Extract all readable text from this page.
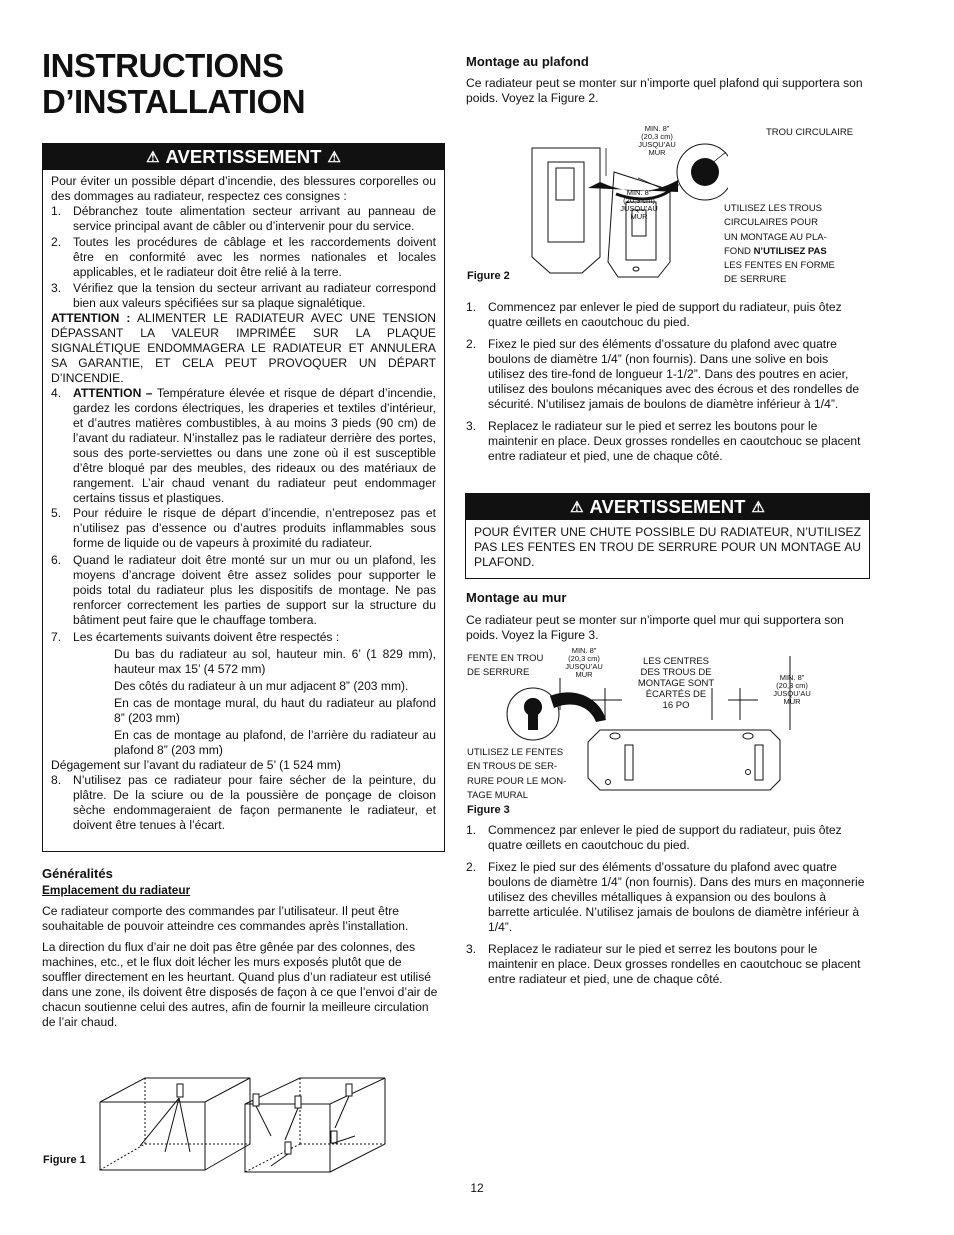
INSTRUCTIONS
D’INSTALLATION
⚠ AVERTISSEMENT ⚠

Pour éviter un possible départ d’incendie, des blessures corporelles ou des dommages au radiateur, respectez ces consignes :

1. Débranchez toute alimentation secteur arrivant au panneau de service principal avant de câbler ou d’intervenir pour du service.
2. Toutes les procédures de câblage et les raccordements doivent être en conformité avec les normes nationales et locales applicables, et le radiateur doit être relié à la terre.
3. Vérifiez que la tension du secteur arrivant au radiateur correspond bien aux valeurs spécifiées sur sa plaque signalétique.

ATTENTION : ALIMENTER LE RADIATEUR AVEC UNE TENSION DÉPASSANT LA VALEUR IMPRIMÉE SUR LA PLAQUE SIGNALÉTIQUE ENDOMMAGERA LE RADIATEUR ET ANNULERA SA GARANTIE, ET CELA PEUT PROVOQUER UN DÉPART D’INCENDIE.

4. ATTENTION – Température élevée et risque de départ d’incendie, gardez les cordons électriques, les draperies et textiles d’intérieur, et d’autres matières combustibles, à au moins 3 pieds (90 cm) de l’avant du radiateur. N’installez pas le radiateur derrière des portes, sous des porte-serviettes ou dans une zone où il est susceptible d’être bloqué par des meubles, des rideaux ou des matériaux de rangement. L’air chaud venant du radiateur peut endommager certains tissus et plastiques.
5. Pour réduire le risque de départ d’incendie, n’entreposez pas et n’utilisez pas d’essence ou d’autres produits inflammables sous forme de liquide ou de vapeurs à proximité du radiateur.
6. Quand le radiateur doit être monté sur un mur ou un plafond, les moyens d’ancrage doivent être assez solides pour supporter le poids total du radiateur plus les dispositifs de montage. Ne pas renforcer correctement les parties de support sur la structure du bâtiment peut faire que le chauffage tombera.
7. Les écartements suivants doivent être respectés :
Du bas du radiateur au sol, hauteur min. 6’ (1 829 mm), hauteur max 15’ (4 572 mm)
Des côtés du radiateur à un mur adjacent 8” (203 mm).
En cas de montage mural, du haut du radiateur au plafond 8” (203 mm)
En cas de montage au plafond, de l’arrière du radiateur au plafond 8” (203 mm)

Dégagement sur l’avant du radiateur de 5’ (1 524 mm)

8. N’utilisez pas ce radiateur pour faire sécher de la peinture, du plâtre. De la sciure ou de la poussière de ponçage de cloison sèche endommageraient de façon permanente le radiateur, et doivent être tenues à l’écart.
Généralités
Emplacement du radiateur

Ce radiateur comporte des commandes par l’utilisateur. Il peut être souhaitable de pouvoir atteindre ces commandes après l’installation.

La direction du flux d’air ne doit pas être gênée par des colonnes, des machines, etc., et le flux doit lécher les murs exposés plutôt que de souffler directement en les heurtant. Quand plus d’un radiateur est utilisé dans une zone, ils doivent être disposés de façon à ce que l’envoi d’air de chacun soutienne celui des autres, afin de fournir la meilleure circulation de l’air chaud.

Figure 1
Montage au plafond

Ce radiateur peut se monter sur n’importe quel plafond qui supportera son poids. Voyez la Figure 2.

MIN. 8”
(20,3 cm)
JUSQU’AU
MUR
MIN. 8”
(20,3 cm)
JUSQU’AU
MUR
TROU CIRCULAIRE
UTILISEZ LES TROUS
CIRCULAIRES POUR
UN MONTAGE AU PLA-
FOND N’UTILISEZ PAS
LES FENTES EN FORME
DE SERRURE
Figure 2
1. Commencez par enlever le pied de support du radiateur, puis ôtez quatre œillets en caoutchouc du pied.
2. Fixez le pied sur des éléments d’ossature du plafond avec quatre boulons de diamètre 1/4” (non fournis). Dans une solive en bois utilisez des tire-fond de longueur 1-1/2”. Dans des poutres en acier, utilisez des boulons mécaniques avec des écrous et des rondelles de sécurité. N’utilisez jamais de boulons de diamètre inférieur à 1/4”.
3. Replacez le radiateur sur le pied et serrez les boutons pour le maintenir en place. Deux grosses rondelles en caoutchouc se placent entre radiateur et pied, une de chaque côté.
⚠ AVERTISSEMENT ⚠

POUR ÉVITER UNE CHUTE POSSIBLE DU RADIATEUR, N’UTILISEZ PAS LES FENTES EN TROU DE SERRURE POUR UN MONTAGE AU PLAFOND.

Montage au mur

Ce radiateur peut se monter sur n’importe quel mur qui supportera son poids. Voyez la Figure 3.

FENTE EN TROU
DE SERRURE
MIN. 8”
(20,3 cm)
JUSQU’AU
MUR
LES CENTRES
DES TROUS DE
MONTAGE SONT
ÉCARTÉS DE
16 PO
MIN. 8”
(20,3 cm)
JUSQU’AU
MUR
UTILISEZ LE FENTES
EN TROUS DE SER-
RURE POUR LE MON-
TAGE MURAL
Figure 3
1. Commencez par enlever le pied de support du radiateur, puis ôtez quatre œillets en caoutchouc du pied.
2. Fixez le pied sur des éléments d’ossature du plafond avec quatre boulons de diamètre 1/4” (non fournis). Dans des murs en maçonnerie utilisez des chevilles métalliques à expansion ou des boulons à barrette articulée. N’utilisez jamais de boulons de diamètre inférieur à 1/4”.
3. Replacez le radiateur sur le pied et serrez les boutons pour le maintenir en place. Deux grosses rondelles en caoutchouc se placent entre radiateur et pied, une de chaque côté.
12
